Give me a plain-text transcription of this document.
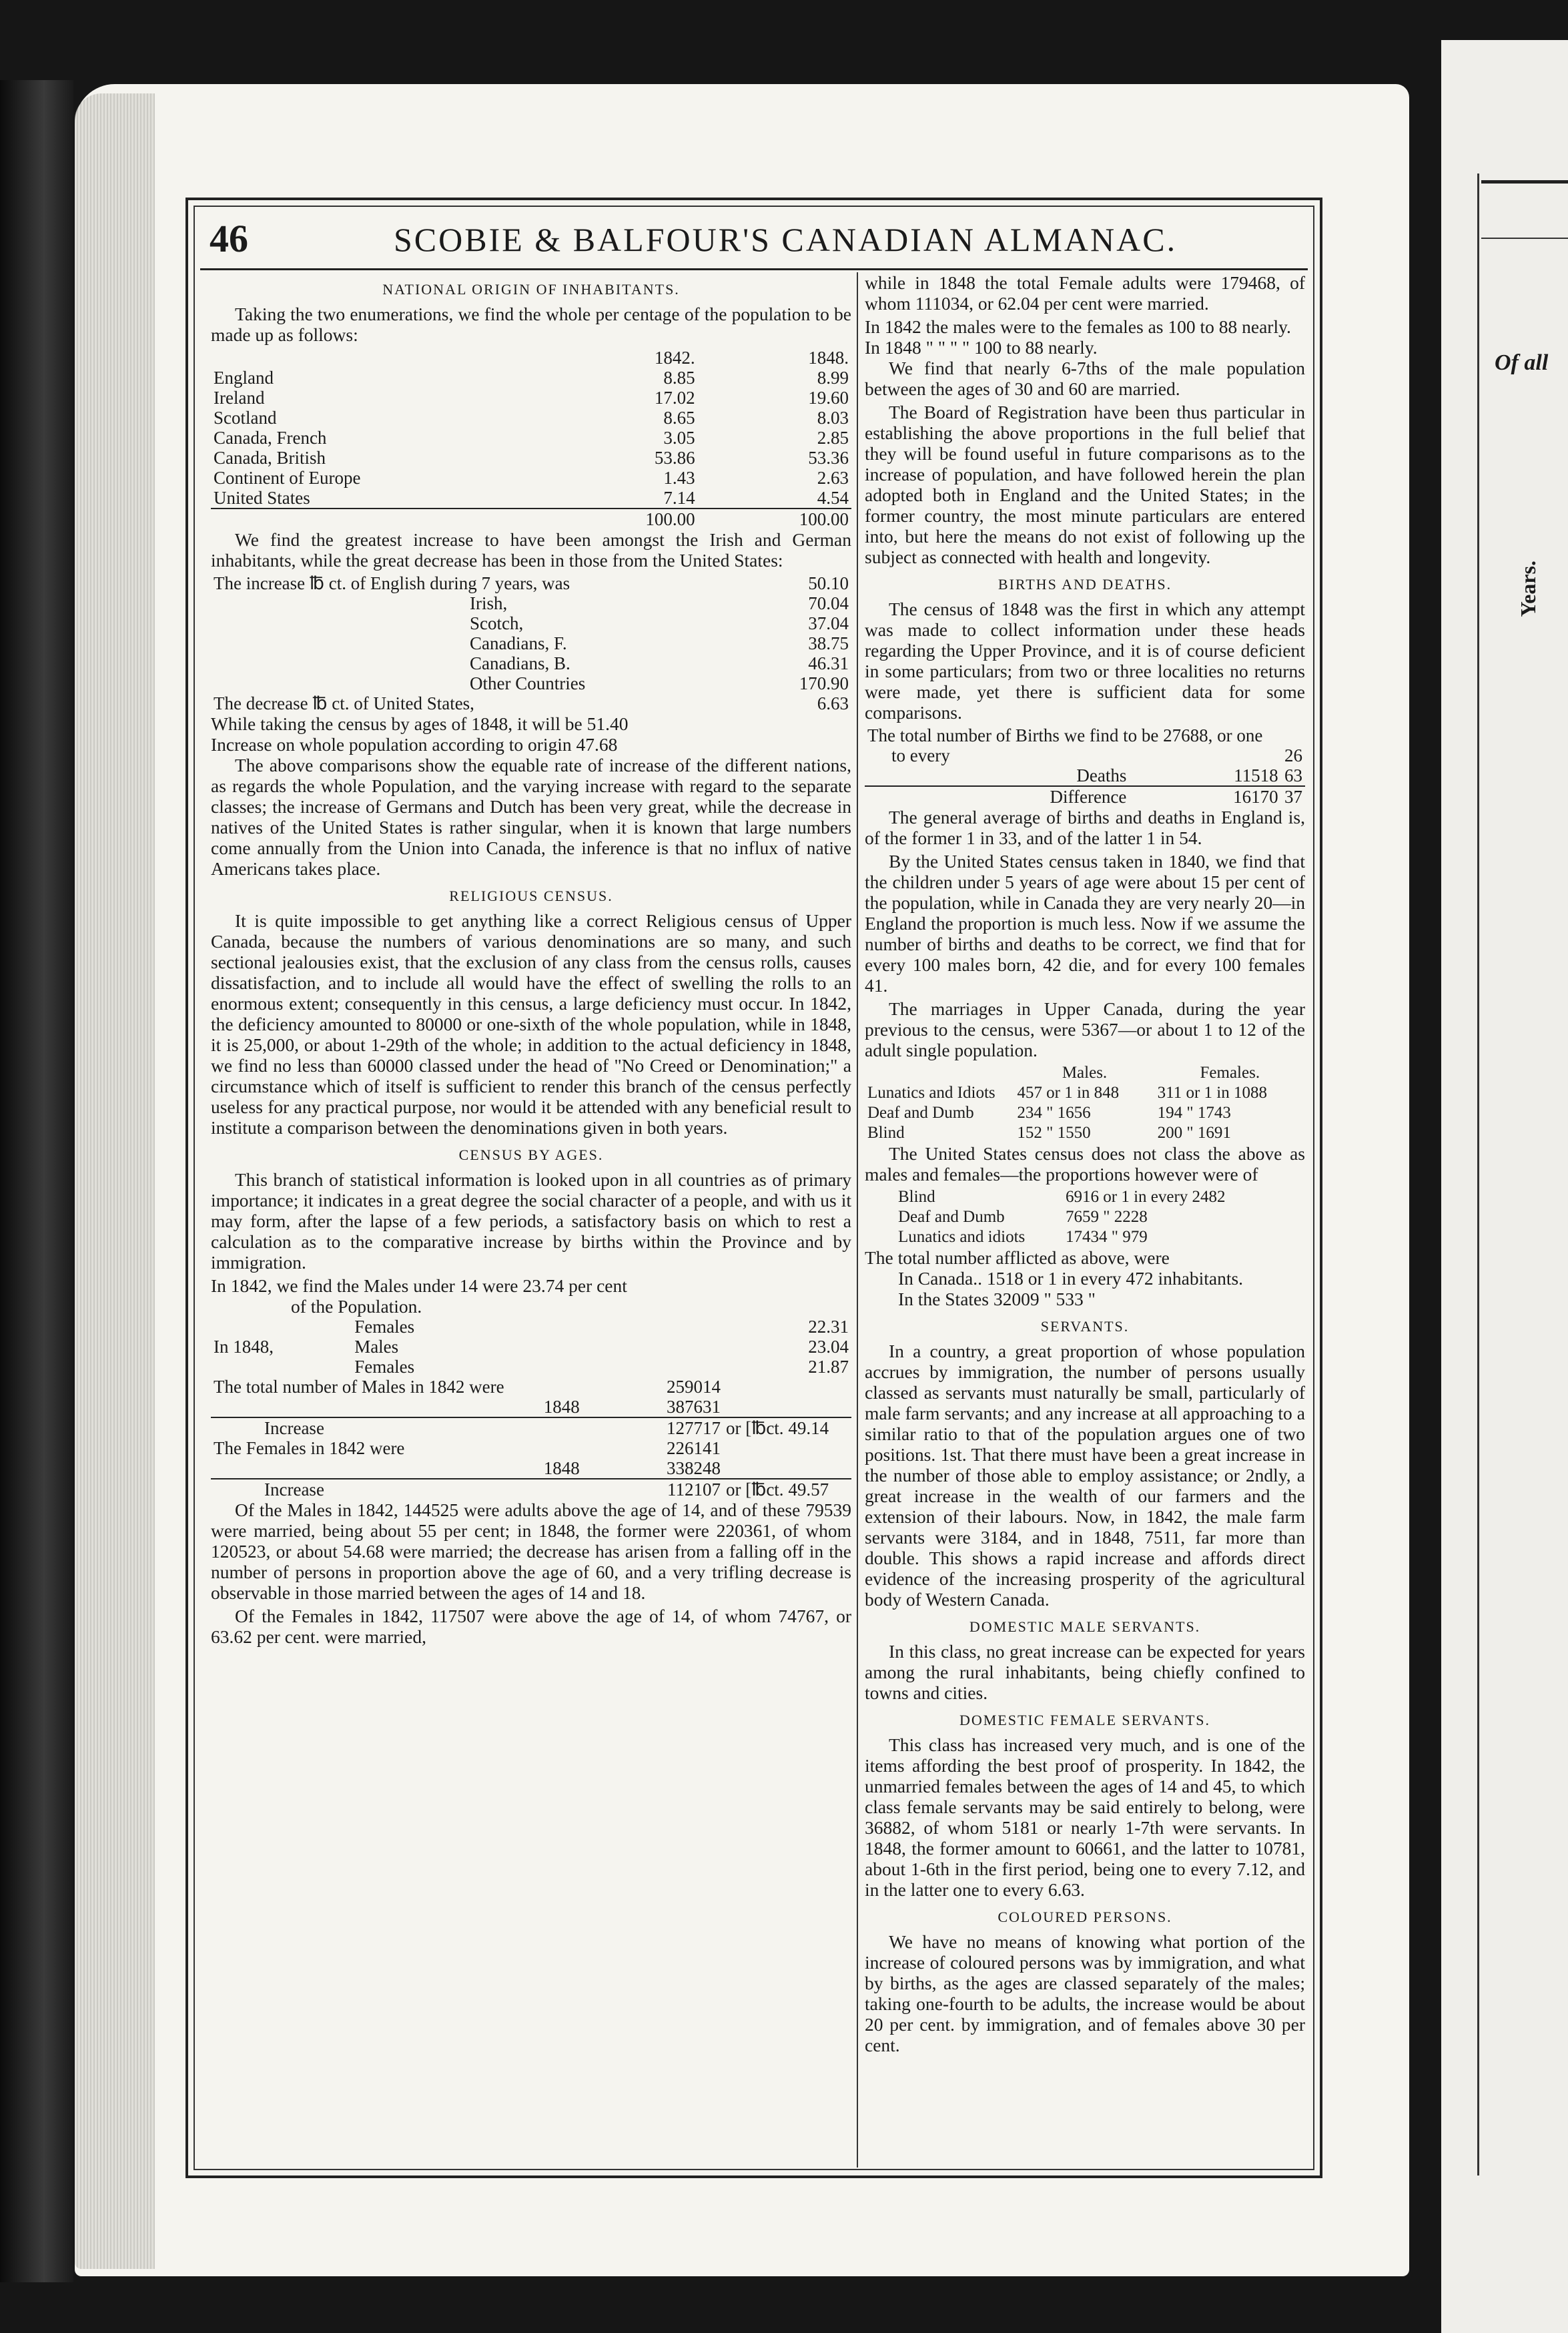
Of all
Years.
46	SCOBIE & BALFOUR'S CANADIAN ALMANAC.
NATIONAL ORIGIN OF INHABITANTS.

Taking the two enumerations, we find the whole per centage of the population to be made up as follows:

	1842.	1848.
England	8.85	8.99
Ireland	17.02	19.60
Scotland	8.65	8.03
Canada, French	3.05	2.85
Canada, British	53.86	53.36
Continent of Europe	1.43	2.63
United States	7.14	4.54
	100.00	100.00

We find the greatest increase to have been amongst the Irish and German inhabitants, while the great decrease has been in those from the United States:

The increase ℔ ct. of English during 7 years, was		50.10
	Irish,	70.04
	Scotch,	37.04
	Canadians, F.	38.75
	Canadians, B.	46.31
	Other Countries	170.90
The decrease ℔ ct. of United States,		6.63
While taking the census by ages of 1848, it will be 51.40
Increase on whole population according to origin 47.68

The above comparisons show the equable rate of increase of the different nations, as regards the whole Population, and the varying increase with regard to the separate classes; the increase of Germans and Dutch has been very great, while the decrease in natives of the United States is rather singular, when it is known that large numbers come annually from the Union into Canada, the inference is that no influx of native Americans takes place.

RELIGIOUS CENSUS.

It is quite impossible to get anything like a correct Religious census of Upper Canada, because the numbers of various denominations are so many, and such sectional jealousies exist, that the exclusion of any class from the census rolls, causes dissatisfaction, and to include all would have the effect of swelling the rolls to an enormous extent; consequently in this census, a large deficiency must occur. In 1842, the deficiency amounted to 80000 or one-sixth of the whole population, while in 1848, it is 25,000, or about 1-29th of the whole; in addition to the actual deficiency in 1848, we find no less than 60000 classed under the head of "No Creed or Denomination;" a circumstance which of itself is sufficient to render this branch of the census perfectly useless for any practical purpose, nor would it be attended with any beneficial result to institute a comparison between the denominations given in both years.

CENSUS BY AGES.

This branch of statistical information is looked upon in all countries as of primary importance; it indicates in a great degree the social character of a people, and with us it may form, after the lapse of a few periods, a satisfactory basis on which to rest a calculation as to the comparative increase by births within the Province and by immigration.

In 1842, we find the Males under 14 were 23.74 per cent
of the Population.
	Females	22.31
In 1848,	Males	23.04
	Females	21.87
The total number of Males in 1842 were	259014	
1848	387631	
Increase	127717	or [℔ct. 49.14
The Females in 1842 were	226141	
1848	338248	
Increase	112107	or [℔ct. 49.57

Of the Males in 1842, 144525 were adults above the age of 14, and of these 79539 were married, being about 55 per cent; in 1848, the former were 220361, of whom 120523, or about 54.68 were married; the decrease has arisen from a falling off in the number of persons in proportion above the age of 60, and a very trifling decrease is observable in those married between the ages of 14 and 18.

Of the Females in 1842, 117507 were above the age of 14, of whom 74767, or 63.62 per cent. were married,

while in 1848 the total Female adults were 179468, of whom 111034, or 62.04 per cent were married.

In 1842 the males were to the females as 100 to 88 nearly.
In 1848 " " " " 100 to 88 nearly.

We find that nearly 6-7ths of the male population between the ages of 30 and 60 are married.

The Board of Registration have been thus particular in establishing the above proportions in the full belief that they will be found useful in future comparisons as to the increase of population, and have followed herein the plan adopted both in England and the United States; in the former country, the most minute particulars are entered into, but here the means do not exist of following up the subject as connected with health and longevity.

BIRTHS AND DEATHS.

The census of 1848 was the first in which any attempt was made to collect information under these heads regarding the Upper Province, and it is of course deficient in some particulars; from two or three localities no returns were made, yet there is sufficient data for some comparisons.

The total number of Births we find to be 27688, or one		
to every		26
Deaths	11518	63
Difference	16170	37

The general average of births and deaths in England is, of the former 1 in 33, and of the latter 1 in 54.

By the United States census taken in 1840, we find that the children under 5 years of age were about 15 per cent of the population, while in Canada they are very nearly 20—in England the proportion is much less. Now if we assume the number of births and deaths to be correct, we find that for every 100 males born, 42 die, and for every 100 females 41.

The marriages in Upper Canada, during the year previous to the census, were 5367—or about 1 to 12 of the adult single population.

	Males.	Females.
Lunatics and Idiots	457 or 1 in 848	311 or 1 in 1088
Deaf and Dumb	234 " 1656	194 " 1743
Blind	152 " 1550	200 " 1691

The United States census does not class the above as males and females—the proportions however were of

Blind	6916 or 1 in every 2482
Deaf and Dumb	7659 " 2228
Lunatics and idiots	17434 " 979
The total number afflicted as above, were
In Canada.. 1518 or 1 in every 472 inhabitants.
In the States 32009 " 533 "
SERVANTS.

In a country, a great proportion of whose population accrues by immigration, the number of persons usually classed as servants must naturally be small, particularly of male farm servants; and any increase at all approaching to a similar ratio to that of the population argues one of two positions. 1st. That there must have been a great increase in the number of those able to employ assistance; or 2ndly, a great increase in the wealth of our farmers and the extension of their labours. Now, in 1842, the male farm servants were 3184, and in 1848, 7511, far more than double. This shows a rapid increase and affords direct evidence of the increasing prosperity of the agricultural body of Western Canada.

DOMESTIC MALE SERVANTS.

In this class, no great increase can be expected for years among the rural inhabitants, being chiefly confined to towns and cities.

DOMESTIC FEMALE SERVANTS.

This class has increased very much, and is one of the items affording the best proof of prosperity. In 1842, the unmarried females between the ages of 14 and 45, to which class female servants may be said entirely to belong, were 36882, of whom 5181 or nearly 1-7th were servants. In 1848, the former amount to 60661, and the latter to 10781, about 1-6th in the first period, being one to every 7.12, and in the latter one to every 6.63.

COLOURED PERSONS.

We have no means of knowing what portion of the increase of coloured persons was by immigration, and what by births, as the ages are classed separately of the males; taking one-fourth to be adults, the increase would be about 20 per cent. by immigration, and of females above 30 per cent.
